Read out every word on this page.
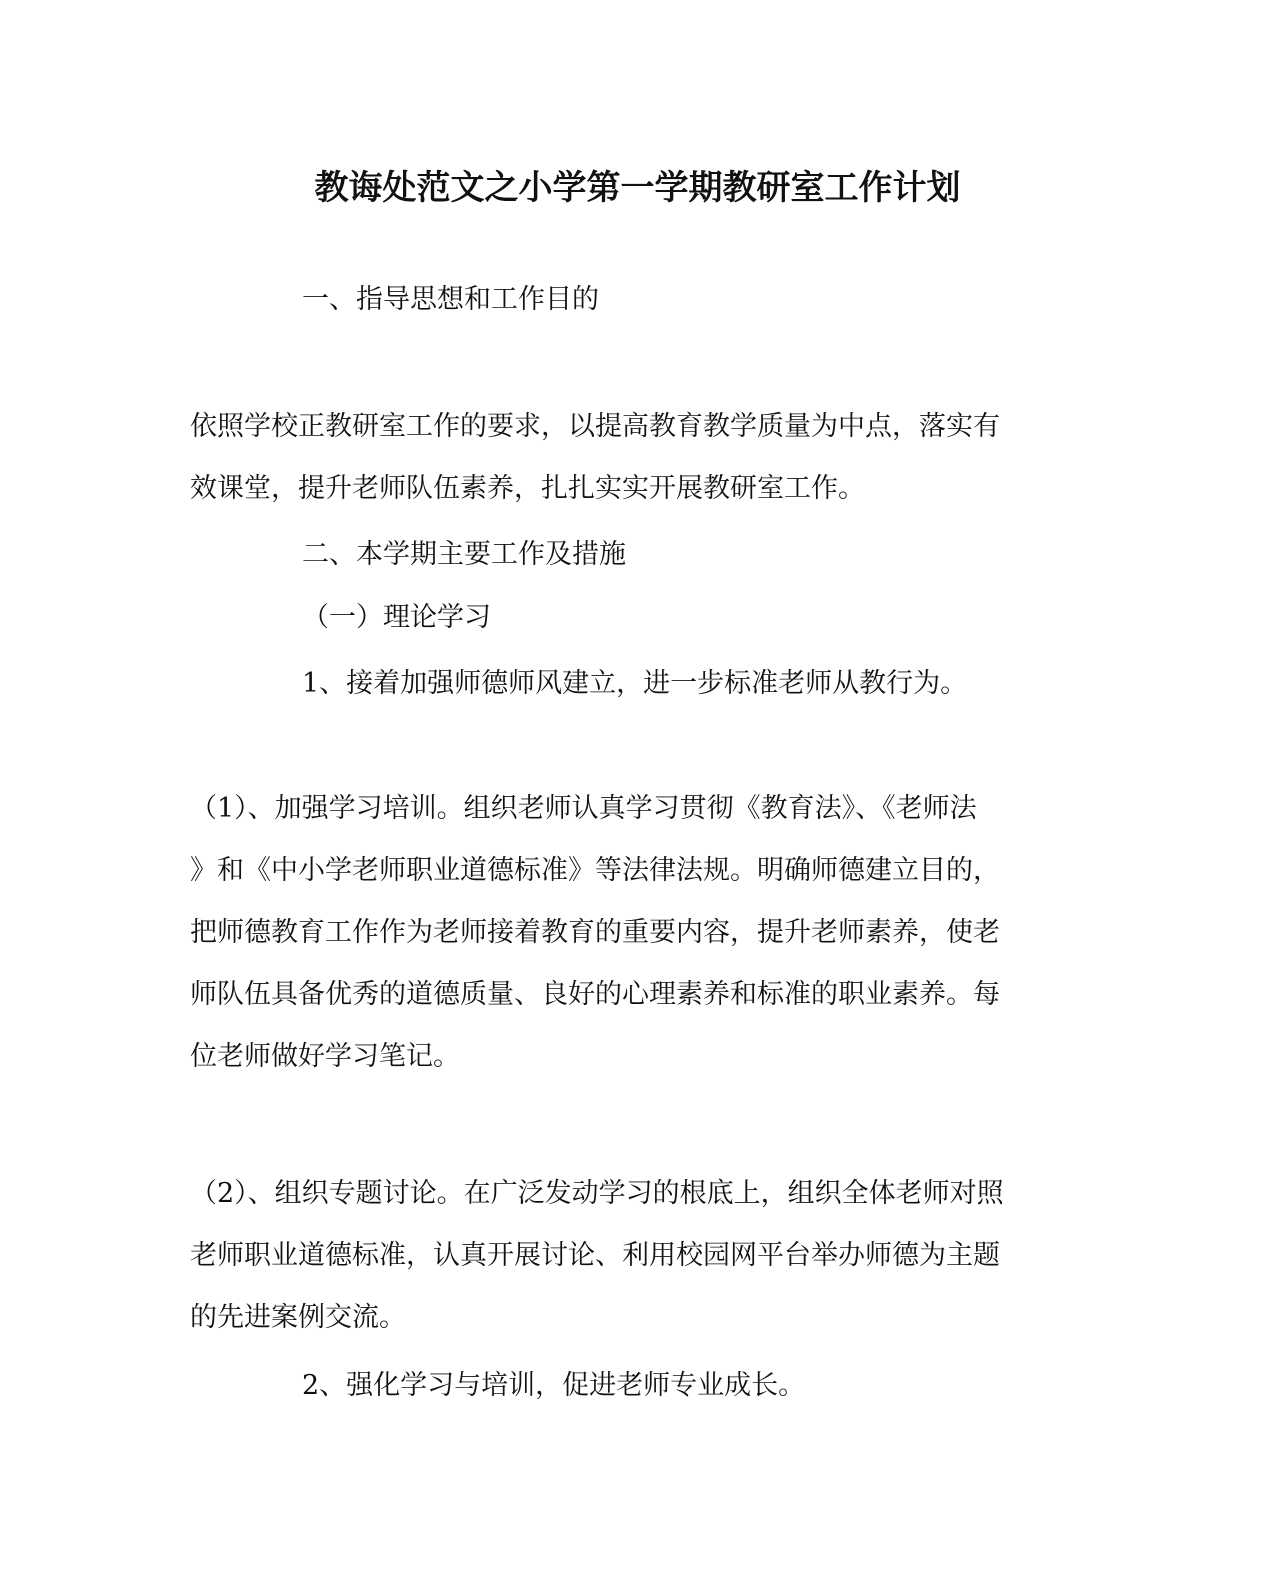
教诲处范文之小学第一学期教研室工作计划
一、指导思想和工作目的

依照学校正教研室工作的要求，以提高教育教学质量为中点，落实有

效课堂，提升老师队伍素养，扎扎实实开展教研室工作。

二、本学期主要工作及措施
（一）理论学习
1、接着加强师德师风建立，进一步标准老师从教行为。

（1）、加强学习培训。组织老师认真学习贯彻《教育法》、《老师法

》和《中小学老师职业道德标准》等法律法规。明确师德建立目的，

把师德教育工作作为老师接着教育的重要内容，提升老师素养，使老

师队伍具备优秀的道德质量、良好的心理素养和标准的职业素养。每

位老师做好学习笔记。

（2）、组织专题讨论。在广泛发动学习的根底上，组织全体老师对照

老师职业道德标准，认真开展讨论、利用校园网平台举办师德为主题

的先进案例交流。

2、强化学习与培训，促进老师专业成长。
